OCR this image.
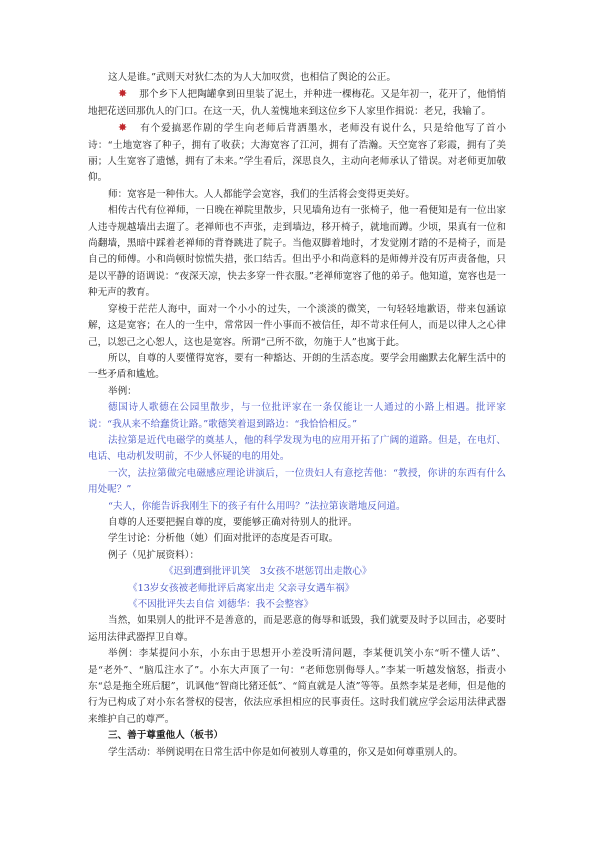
这人是谁。”武则天对狄仁杰的为人大加叹赏，也相信了舆论的公正。

✸ 那个乡下人把陶罐拿到田里装了泥土，并种进一棵梅花。又是年初一，花开了，他悄悄地把花送回那仇人的门口。在这一天，仇人羞愧地来到这位乡下人家里作揖说：老兄，我输了。

✸ 有个爱搞恶作剧的学生向老师后背洒墨水，老师没有说什么，只是给他写了首小诗：“土地宽容了种子，拥有了收获；大海宽容了江河，拥有了浩瀚。天空宽容了彩霞，拥有了美丽；人生宽容了遗憾，拥有了未来。”学生看后，深思良久，主动向老师承认了错误。对老师更加敬仰。

师：宽容是一种伟大。人人都能学会宽容，我们的生活将会变得更美好。

相传古代有位禅师，一日晚在禅院里散步，只见墙角边有一张椅子，他一看便知是有一位出家人违寺规越墙出去遛了。老禅师也不声张，走到墙边，移开椅子，就地而蹲。少顷，果真有一位和尚翻墙，黑暗中踩着老禅师的背脊跳进了院子。当他双脚着地时，才发觉刚才踏的不是椅子，而是自己的师傅。小和尚顿时惊慌失措，张口结舌。但出乎小和尚意料的是师傅并没有厉声责备他，只是以平静的语调说：“夜深天凉，快去多穿一件衣服。”老禅师宽容了他的弟子。他知道，宽容也是一种无声的教育。

穿梭于茫茫人海中，面对一个小小的过失，一个淡淡的微笑，一句轻轻地歉语，带来包涵谅解，这是宽容；在人的一生中，常常因一件小事而不被信任，却不苛求任何人，而是以律人之心律己，以恕己之心恕人，这也是宽容。所谓“己所不欲，勿施于人”也寓于此。

所以，自尊的人要懂得宽容，要有一种豁达、开朗的生活态度。要学会用幽默去化解生活中的一些矛盾和尴尬。

举例：

德国诗人歌德在公园里散步，与一位批评家在一条仅能让一人通过的小路上相遇。批评家说：“我从来不给蠢货让路。”歌德笑着退到路边：“我恰恰相反。”

法拉第是近代电磁学的奠基人，他的科学发现为电的应用开拓了广阔的道路。但是，在电灯、电话、电动机发明前，不少人怀疑的电的用处。

一次，法拉第做完电磁感应理论讲演后，一位贵妇人有意挖苦他：“教授，你讲的东西有什么用处呢？”

“夫人，你能告诉我刚生下的孩子有什么用吗？”法拉第诙谐地反问道。

自尊的人还要把握自尊的度，要能够正确对待别人的批评。

学生讨论：分析他（她）们面对批评的态度是否可取。

例子（见扩展资料）：

《迟到遭到批评讥笑　3女孩不堪惩罚出走散心》

《13岁女孩被老师批评后离家出走 父亲寻女遇车祸》

《不因批评失去自信 刘德华：我不会整容》

当然，如果别人的批评不是善意的，而是恶意的侮辱和诋毁，我们就要及时予以回击，必要时运用法律武器捍卫自尊。

举例：李某提问小东，小东由于思想开小差没听清问题，李某便讥笑小东“听不懂人话”、是“老外”、“脑瓜注水了”。小东大声顶了一句：“老师您别侮辱人。”李某一听越发恼怒，指责小东“总是拖全班后腿”，讥讽他“智商比猪还低”、“简直就是人渣”等等。虽然李某是老师，但是他的行为已构成了对小东名誉权的侵害，依法应承担相应的民事责任。这时我们就应学会运用法律武器来维护自己的尊严。

三、善于尊重他人（板书）

学生活动：举例说明在日常生活中你是如何被别人尊重的，你又是如何尊重别人的。
